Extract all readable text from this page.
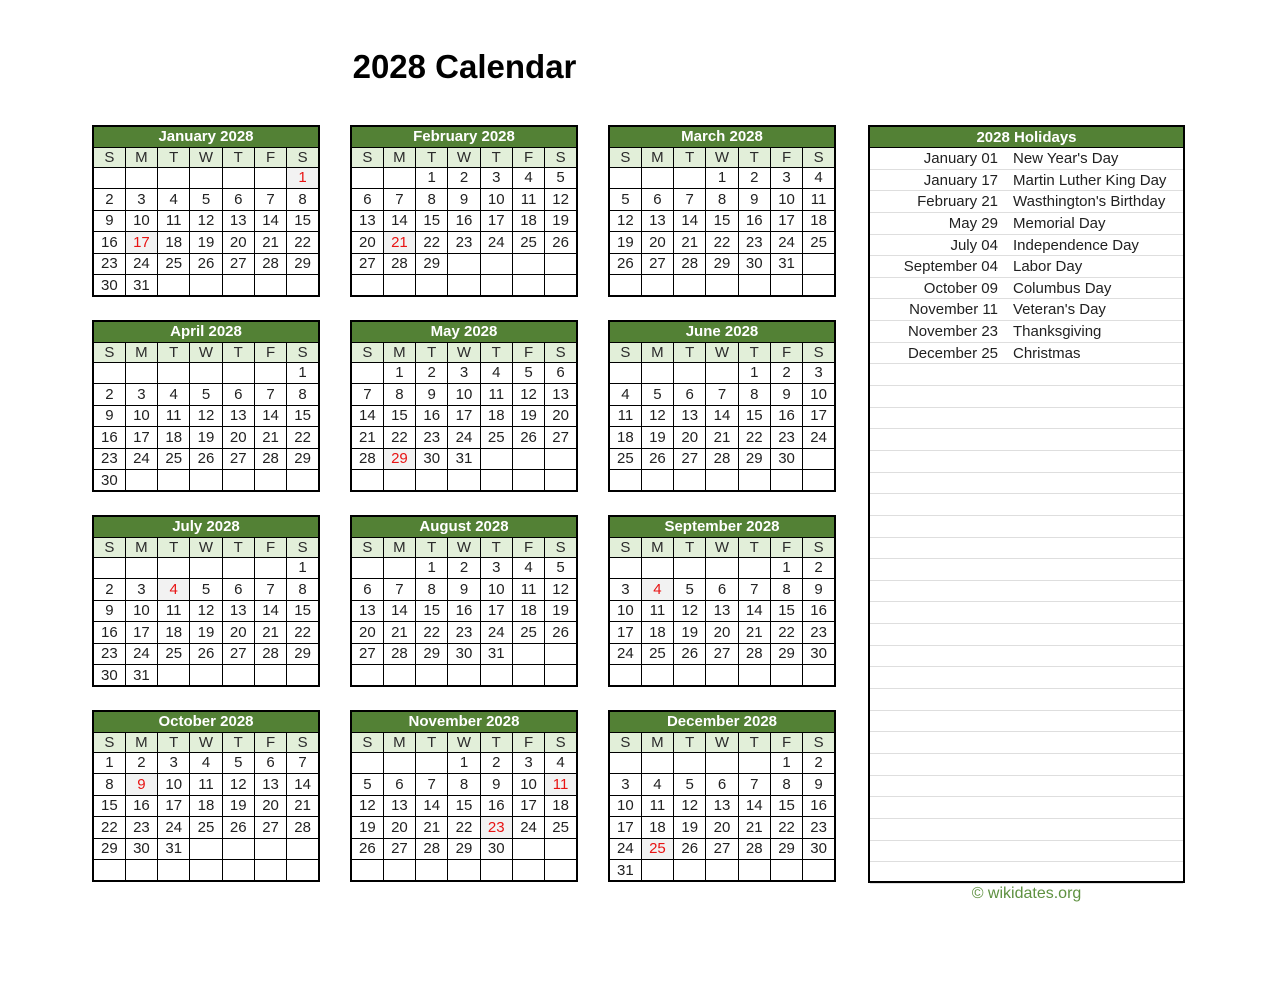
2028 Calendar
January 2028						
S	M	T	W	T	F	S
						1
2	3	4	5	6	7	8
9	10	11	12	13	14	15
16	17	18	19	20	21	22
23	24	25	26	27	28	29
30	31					
February 2028						
S	M	T	W	T	F	S
		1	2	3	4	5
6	7	8	9	10	11	12
13	14	15	16	17	18	19
20	21	22	23	24	25	26
27	28	29				

March 2028						
S	M	T	W	T	F	S
			1	2	3	4
5	6	7	8	9	10	11
12	13	14	15	16	17	18
19	20	21	22	23	24	25
26	27	28	29	30	31	

April 2028						
S	M	T	W	T	F	S
						1
2	3	4	5	6	7	8
9	10	11	12	13	14	15
16	17	18	19	20	21	22
23	24	25	26	27	28	29
30						
May 2028						
S	M	T	W	T	F	S
	1	2	3	4	5	6
7	8	9	10	11	12	13
14	15	16	17	18	19	20
21	22	23	24	25	26	27
28	29	30	31			

June 2028						
S	M	T	W	T	F	S
				1	2	3
4	5	6	7	8	9	10
11	12	13	14	15	16	17
18	19	20	21	22	23	24
25	26	27	28	29	30	

July 2028						
S	M	T	W	T	F	S
						1
2	3	4	5	6	7	8
9	10	11	12	13	14	15
16	17	18	19	20	21	22
23	24	25	26	27	28	29
30	31					
August 2028						
S	M	T	W	T	F	S
		1	2	3	4	5
6	7	8	9	10	11	12
13	14	15	16	17	18	19
20	21	22	23	24	25	26
27	28	29	30	31		

September 2028						
S	M	T	W	T	F	S
					1	2
3	4	5	6	7	8	9
10	11	12	13	14	15	16
17	18	19	20	21	22	23
24	25	26	27	28	29	30

October 2028						
S	M	T	W	T	F	S
1	2	3	4	5	6	7
8	9	10	11	12	13	14
15	16	17	18	19	20	21
22	23	24	25	26	27	28
29	30	31				

November 2028						
S	M	T	W	T	F	S
			1	2	3	4
5	6	7	8	9	10	11
12	13	14	15	16	17	18
19	20	21	22	23	24	25
26	27	28	29	30		

December 2028						
S	M	T	W	T	F	S
					1	2
3	4	5	6	7	8	9
10	11	12	13	14	15	16
17	18	19	20	21	22	23
24	25	26	27	28	29	30
31						
2028 Holidays
January 01	New Year's Day
January 17	Martin Luther King Day
February 21	Wasthington's Birthday
May 29	Memorial Day
July 04	Independence Day
September 04	Labor Day
October 09	Columbus Day
November 11	Veteran's Day
November 23	Thanksgiving
December 25	Christmas
© wikidates.org
